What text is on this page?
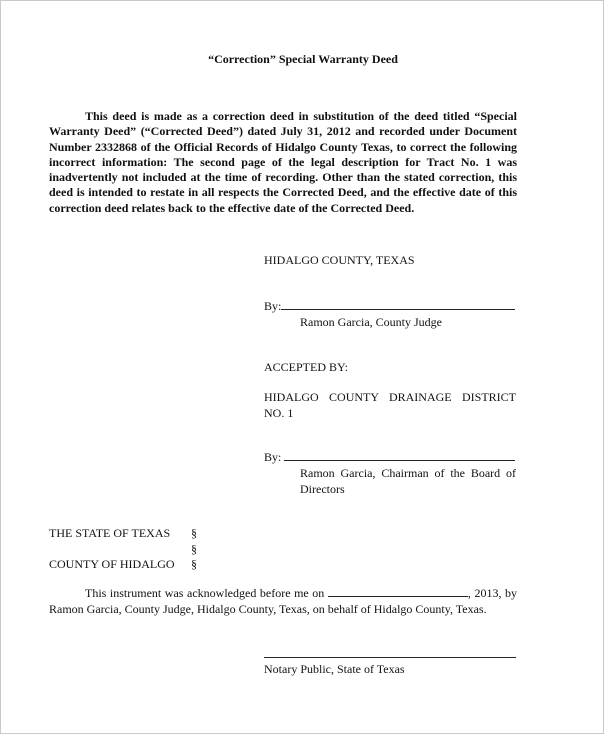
“Correction” Special Warranty Deed

This deed is made as a correction deed in substitution of the deed titled “Special Warranty Deed” (“Corrected Deed”) dated July 31, 2012 and recorded under Document Number 2332868 of the Official Records of Hidalgo County Texas, to correct the following incorrect information: The second page of the legal description for Tract No. 1 was inadvertently not included at the time of recording. Other than the stated correction, this deed is intended to restate in all respects the Corrected Deed, and the effective date of this correction deed relates back to the effective date of the Corrected Deed.

HIDALGO COUNTY, TEXAS
By:
Ramon Garcia, County Judge
ACCEPTED BY:
HIDALGO COUNTY DRAINAGE DISTRICT NO. 1
By:
Ramon Garcia, Chairman of the Board of Directors
THE STATE OF TEXAS
COUNTY OF HIDALGO
§
§
§

This instrument was acknowledged before me on	, 2013, by Ramon Garcia, County Judge, Hidalgo County, Texas, on behalf of Hidalgo County, Texas.

Notary Public, State of Texas
